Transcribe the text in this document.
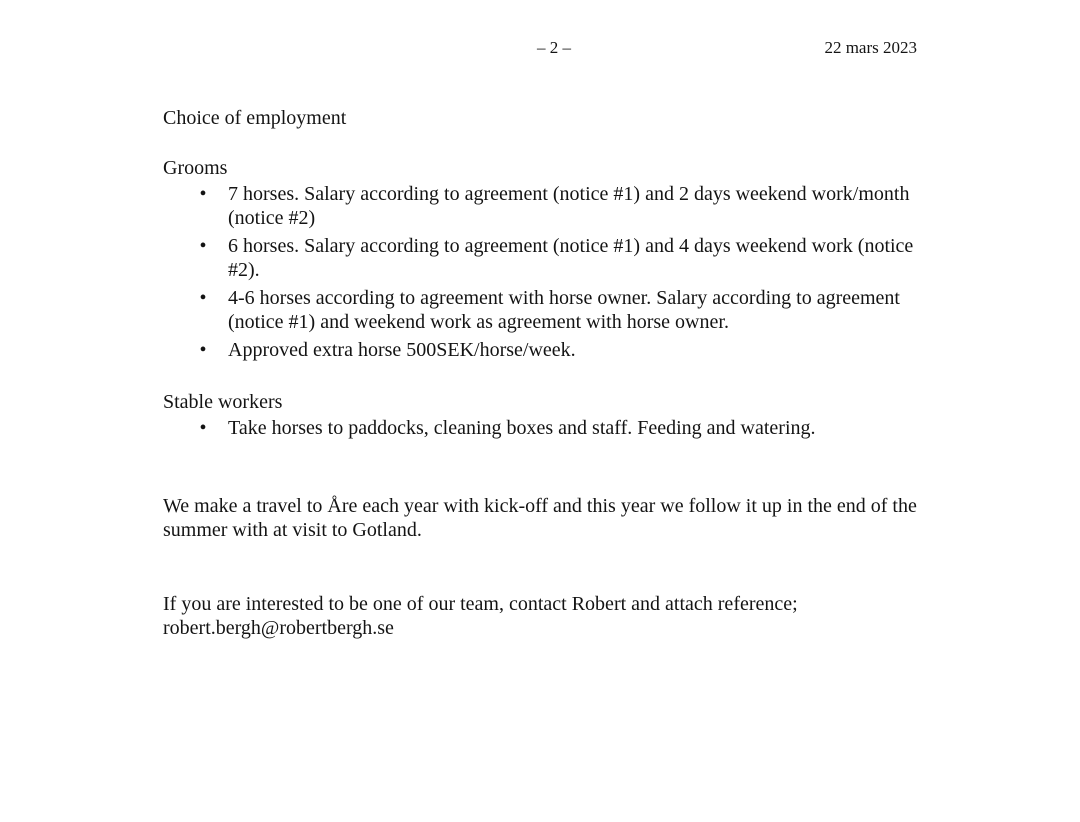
– 2 –	22 mars 2023

Choice of employment

Grooms

• 7 horses. Salary according to agreement (notice #1) and 2 days weekend work/month (notice #2)
• 6 horses. Salary according to agreement (notice #1) and 4 days weekend work (notice #2).
• 4-6 horses according to agreement with horse owner. Salary according to agreement (notice #1) and weekend work as agreement with horse owner.
• Approved extra horse 500SEK/horse/week.

Stable workers

• Take horses to paddocks, cleaning boxes and staff. Feeding and watering.

We make a travel to Åre each year with kick-off and this year we follow it up in the end of the summer with at visit to Gotland.

If you are interested to be one of our team, contact Robert and attach reference;
robert.bergh@robertbergh.se
